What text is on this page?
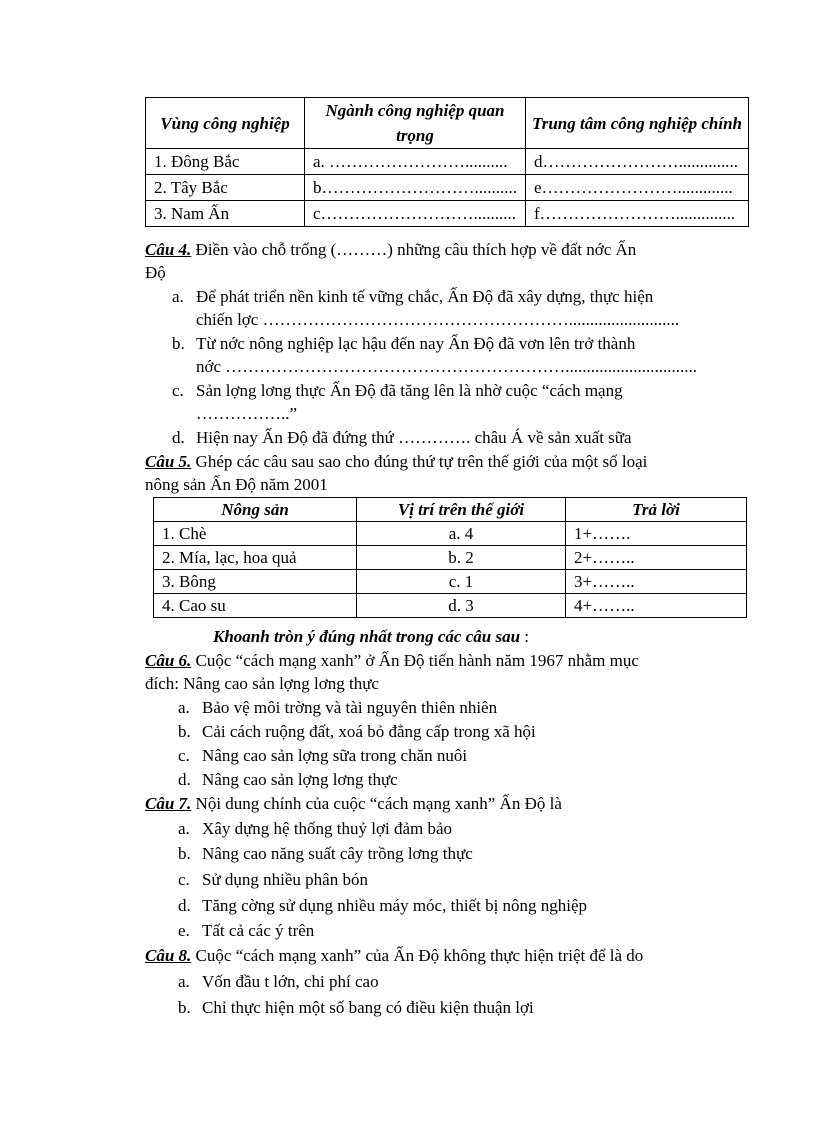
Vùng công nghiệp	Ngành công nghiệp quan trọng	Trung tâm công nghiệp chính
1. Đông Bắc	a. ……………………..........	d……………………..............
2. Tây Bắc	b………………………..........	e…………………….............
3. Nam Ấn	c………………………..........	f……………………..............
Câu 4. Điền vào chỗ trống (………) những câu thích hợp về đất nớc Ấn
Độ
a. Để phát triển nền kinh tế vững chắc, Ấn Độ đã xây dựng, thực hiện
chiến lợc ………………………………………………..........................
b. Từ nớc nông nghiệp lạc hậu đến nay Ấn Độ đã vơn lên trở thành
nớc ……………………………………………………...............................
c. Sản lợng lơng thực Ấn Độ đã tăng lên là nhờ cuộc “cách mạng
……………..”
d. Hiện nay Ấn Độ đã đứng thứ …………. châu Á về sản xuất sữa
Câu 5. Ghép các câu sau sao cho đúng thứ tự trên thế giới của một số loại
nông sản Ấn Độ năm 2001
Nông sản	Vị trí trên thế giới	Trả lời
1. Chè	a. 4	1+…….
2. Mía, lạc, hoa quả	b. 2	2+……..
3. Bông	c. 1	3+……..
4. Cao su	d. 3	4+……..
Khoanh tròn ý đúng nhất trong các câu sau :
Câu 6. Cuộc “cách mạng xanh” ở Ấn Độ tiến hành năm 1967 nhằm mục
đích: Nâng cao sản lợng lơng thực
a. Bảo vệ môi trờng và tài nguyên thiên nhiên
b. Cải cách ruộng đất, xoá bỏ đẳng cấp trong xã hội
c. Nâng cao sản lợng sữa trong chăn nuôi
d. Nâng cao sản lợng lơng thực
Câu 7. Nội dung chính của cuộc “cách mạng xanh” Ấn Độ là
a. Xây dựng hệ thống thuỷ lợi đảm bảo
b. Nâng cao năng suất cây trồng lơng thực
c. Sử dụng nhiều phân bón
d. Tăng cờng sử dụng nhiều máy móc, thiết bị nông nghiệp
e. Tất cả các ý trên
Câu 8. Cuộc “cách mạng xanh” của Ấn Độ không thực hiện triệt để là do
a. Vốn đầu t lớn, chi phí cao
b. Chỉ thực hiện một số bang có điều kiện thuận lợi
